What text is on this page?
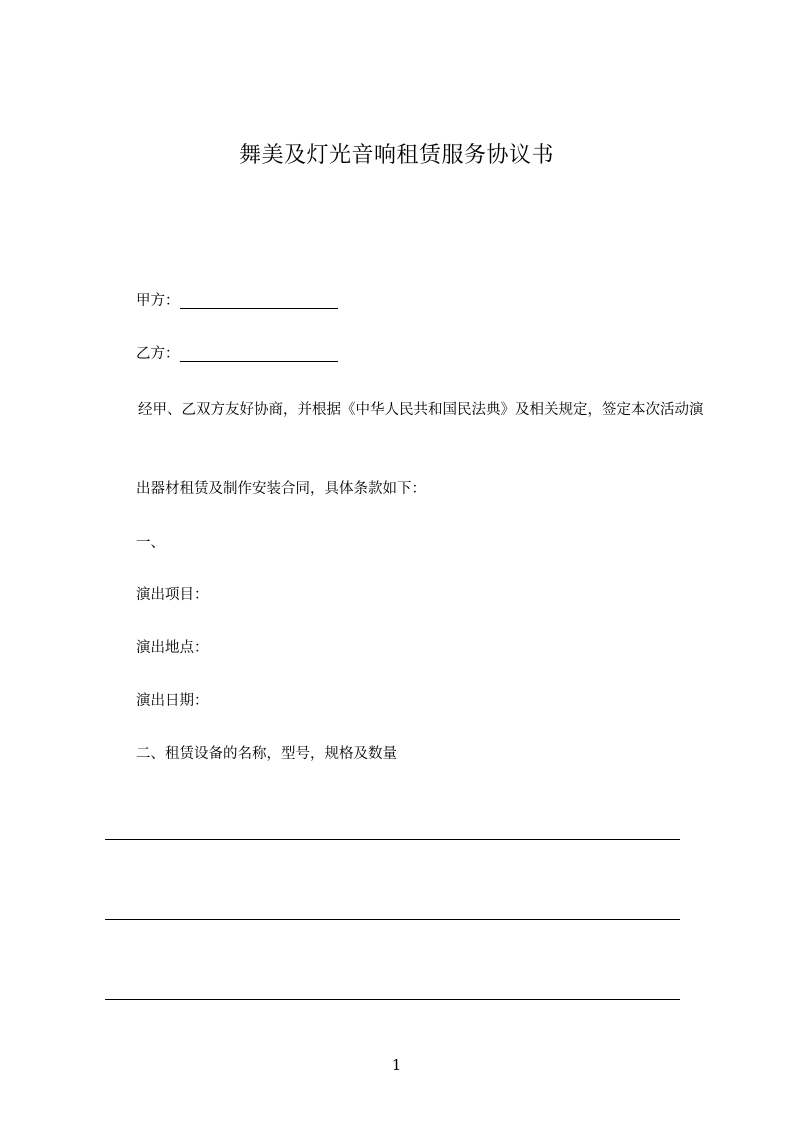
舞美及灯光音响租赁服务协议书
甲方：
乙方：
经甲、乙双方友好协商，并根据《中华人民共和国民法典》及相关规定，签定本次活动演
出器材租赁及制作安装合同，具体条款如下：
一、
演出项目：
演出地点：
演出日期：
二、租赁设备的名称，型号，规格及数量
1
